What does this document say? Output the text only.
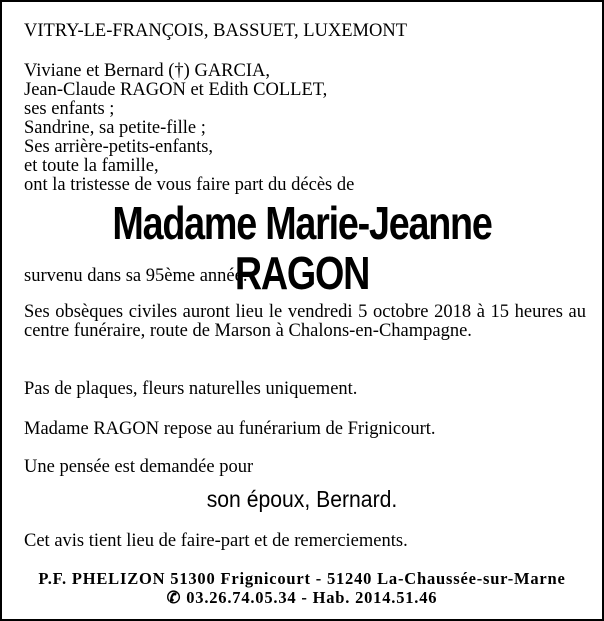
VITRY-LE-FRANÇOIS, BASSUET, LUXEMONT
Viviane et Bernard (†) GARCIA,
Jean-Claude RAGON et Edith COLLET,
ses enfants ;
Sandrine, sa petite-fille ;
Ses arrière-petits-enfants,
et toute la famille,
ont la tristesse de vous faire part du décès de
Madame Marie-Jeanne RAGON
survenu dans sa 95ème année.
Ses obsèques civiles auront lieu le vendredi 5 octobre 2018 à 15 heures au centre funéraire, route de Marson à Chalons-en-Champagne.
Pas de plaques, fleurs naturelles uniquement.
Madame RAGON repose au funérarium de Frignicourt.
Une pensée est demandée pour
son époux, Bernard.
Cet avis tient lieu de faire-part et de remerciements.
P.F. PHELIZON 51300 Frignicourt - 51240 La-Chaussée-sur-Marne
✆ 03.26.74.05.34 - Hab. 2014.51.46
